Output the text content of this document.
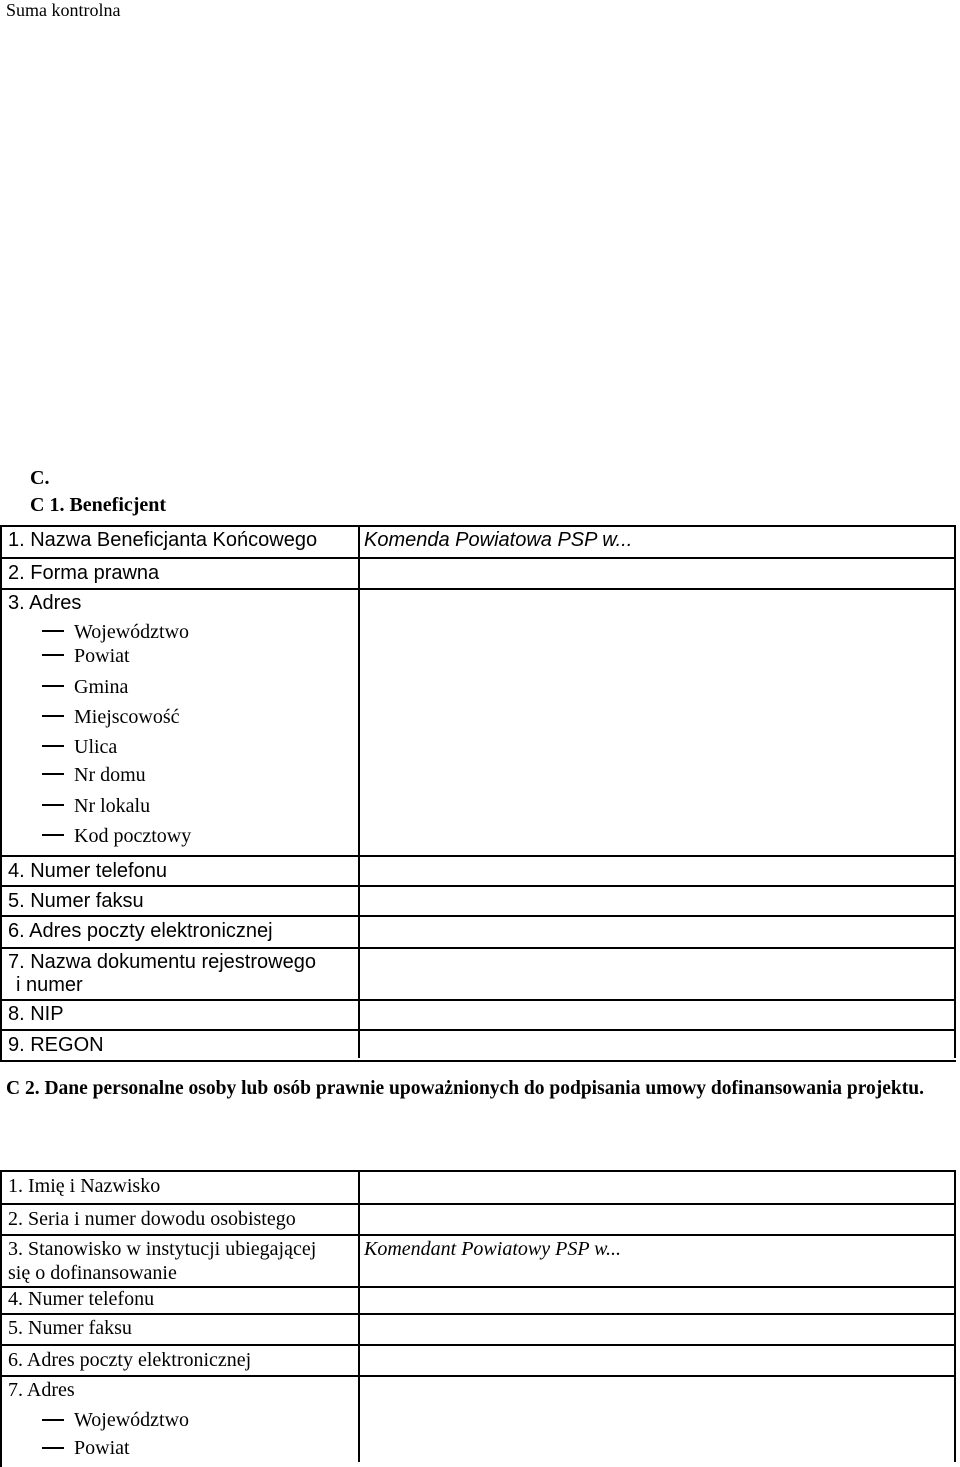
Suma kontrolna
C.
C 1. Beneficjent
1. Nazwa Beneficjanta Końcowego Komenda Powiatowa PSP w...
2. Forma prawna
3. Adres
Województwo
Powiat
Gmina
Miejscowość
Ulica
Nr domu
Nr lokalu
Kod pocztowy
4. Numer telefonu
5. Numer faksu
6. Adres poczty elektronicznej
7. Nazwa dokumentu rejestrowego
i numer
8. NIP
9. REGON
C 2. Dane personalne osoby lub osób prawnie upoważnionych do podpisania umowy dofinansowania projektu.
1. Imię i Nazwisko
2. Seria i numer dowodu osobistego
3. Stanowisko w instytucji ubiegającej
się o dofinansowanie
Komendant Powiatowy PSP w...
4. Numer telefonu
5. Numer faksu
6. Adres poczty elektronicznej
7. Adres
Województwo
Powiat
